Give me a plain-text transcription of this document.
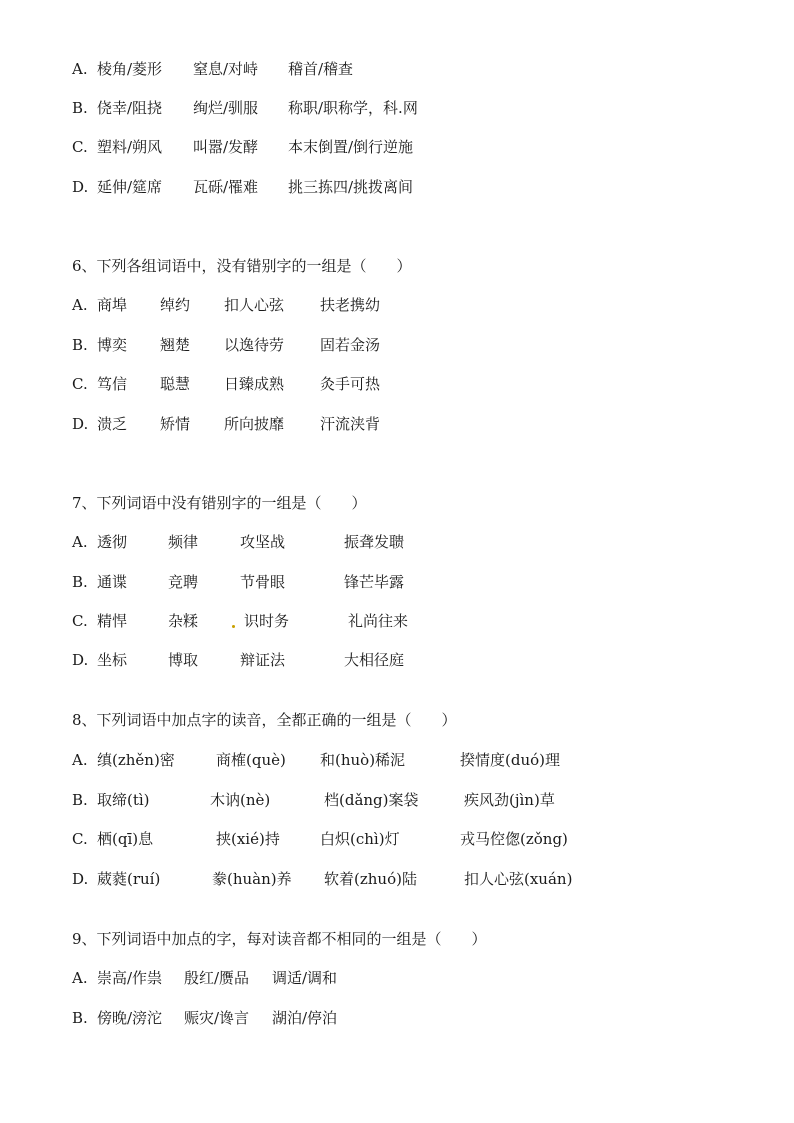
A. 棱角/菱形 窒息/对峙 稽首/稽查
B. 侥幸/阻挠 绚烂/驯服 称职/职称学，科.网
C. 塑料/朔风 叫嚣/发酵 本末倒置/倒行逆施
D. 延伸/筵席 瓦砾/罹难 挑三拣四/挑拨离间
6、下列各组词语中，没有错别字的一组是（　　）
A. 商埠 绰约 扣人心弦 扶老携幼
B. 博奕 翘楚 以逸待劳 固若金汤
C. 笃信 聪慧 日臻成熟 灸手可热
D. 溃乏 矫情 所向披靡 汗流浃背
7、下列词语中没有错别字的一组是（　　）
A. 透彻	频律	攻坚战	振聋发聩
B. 通谍	竞聘	节骨眼	锋芒毕露
C. 精悍	杂糅	识时务	礼尚往来
D. 坐标	博取	辩证法	大相径庭
8、下列词语中加点字的读音，全都正确的一组是（　　）
A. 缜(zhěn)密	商榷(què) 和(huò)稀泥	揆情度(duó)理
B. 取缔(tì)	木讷(nè)	档(dǎng)案袋	疾风劲(jìn)草
C. 栖(qī)息	挟(xié)持	白炽(chì)灯	戎马倥偬(zǒng)
D. 葳蕤(ruí)	豢(huàn)养 软着(zhuó)陆	扣人心弦(xuán)
9、下列词语中加点的字，每对读音都不相同的一组是（　　）
A. 崇高/作祟 殷红/赝品 调适/调和
B. 傍晚/滂沱 赈灾/谗言 湖泊/停泊
